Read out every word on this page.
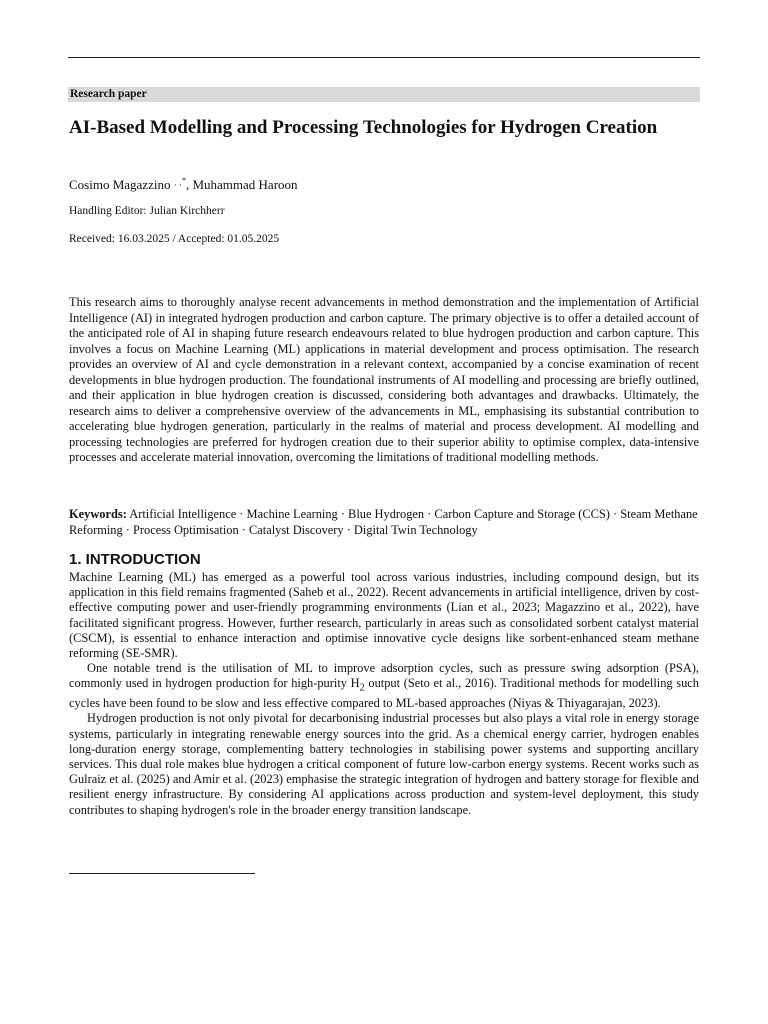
Research paper
AI-Based Modelling and Processing Technologies for Hydrogen Creation
Cosimo Magazzino · ·*, Muhammad Haroon
Handling Editor: Julian Kirchherr
Received: 16.03.2025 / Accepted: 01.05.2025

This research aims to thoroughly analyse recent advancements in method demonstration and the implementation of Artificial Intelligence (AI) in integrated hydrogen production and carbon capture. The primary objective is to offer a detailed account of the anticipated role of AI in shaping future research endeavours related to blue hydrogen production and carbon capture. This involves a focus on Machine Learning (ML) applications in material development and process optimisation. The research provides an overview of AI and cycle demonstration in a relevant context, accompanied by a concise examination of recent developments in blue hydrogen production. The foundational instruments of AI modelling and processing are briefly outlined, and their application in blue hydrogen creation is discussed, considering both advantages and drawbacks. Ultimately, the research aims to deliver a comprehensive overview of the advancements in ML, emphasising its substantial contribution to accelerating blue hydrogen generation, particularly in the realms of material and process development. AI modelling and processing technologies are preferred for hydrogen creation due to their superior ability to optimise complex, data-intensive processes and accelerate material innovation, overcoming the limitations of traditional modelling methods.

Keywords: Artificial Intelligence · Machine Learning · Blue Hydrogen · Carbon Capture and Storage (CCS) · Steam Methane Reforming · Process Optimisation · Catalyst Discovery · Digital Twin Technology

1. INTRODUCTION

Machine Learning (ML) has emerged as a powerful tool across various industries, including compound design, but its application in this field remains fragmented (Saheb et al., 2022). Recent advancements in artificial intelligence, driven by cost-effective computing power and user-friendly programming environments (Lian et al., 2023; Magazzino et al., 2022), have facilitated significant progress. However, further research, particularly in areas such as consolidated sorbent catalyst material (CSCM), is essential to enhance interaction and optimise innovative cycle designs like sorbent-enhanced steam methane reforming (SE-SMR).

One notable trend is the utilisation of ML to improve adsorption cycles, such as pressure swing adsorption (PSA), commonly used in hydrogen production for high-purity $H_2$ output (Seto et al., 2016). Traditional methods for modelling such cycles have been found to be slow and less effective compared to ML-based approaches (Niyas & Thiyagarajan, 2023).

Hydrogen production is not only pivotal for decarbonising industrial processes but also plays a vital role in energy storage systems, particularly in integrating renewable energy sources into the grid. As a chemical energy carrier, hydrogen enables long-duration energy storage, complementing battery technologies in stabilising power systems and supporting ancillary services. This dual role makes blue hydrogen a critical component of future low-carbon energy systems. Recent works such as Gulraiz et al. (2025) and Amir et al. (2023) emphasise the strategic integration of hydrogen and battery storage for flexible and resilient energy infrastructure. By considering AI applications across production and system-level deployment, this study contributes to shaping hydrogen's role in the broader energy transition landscape.
